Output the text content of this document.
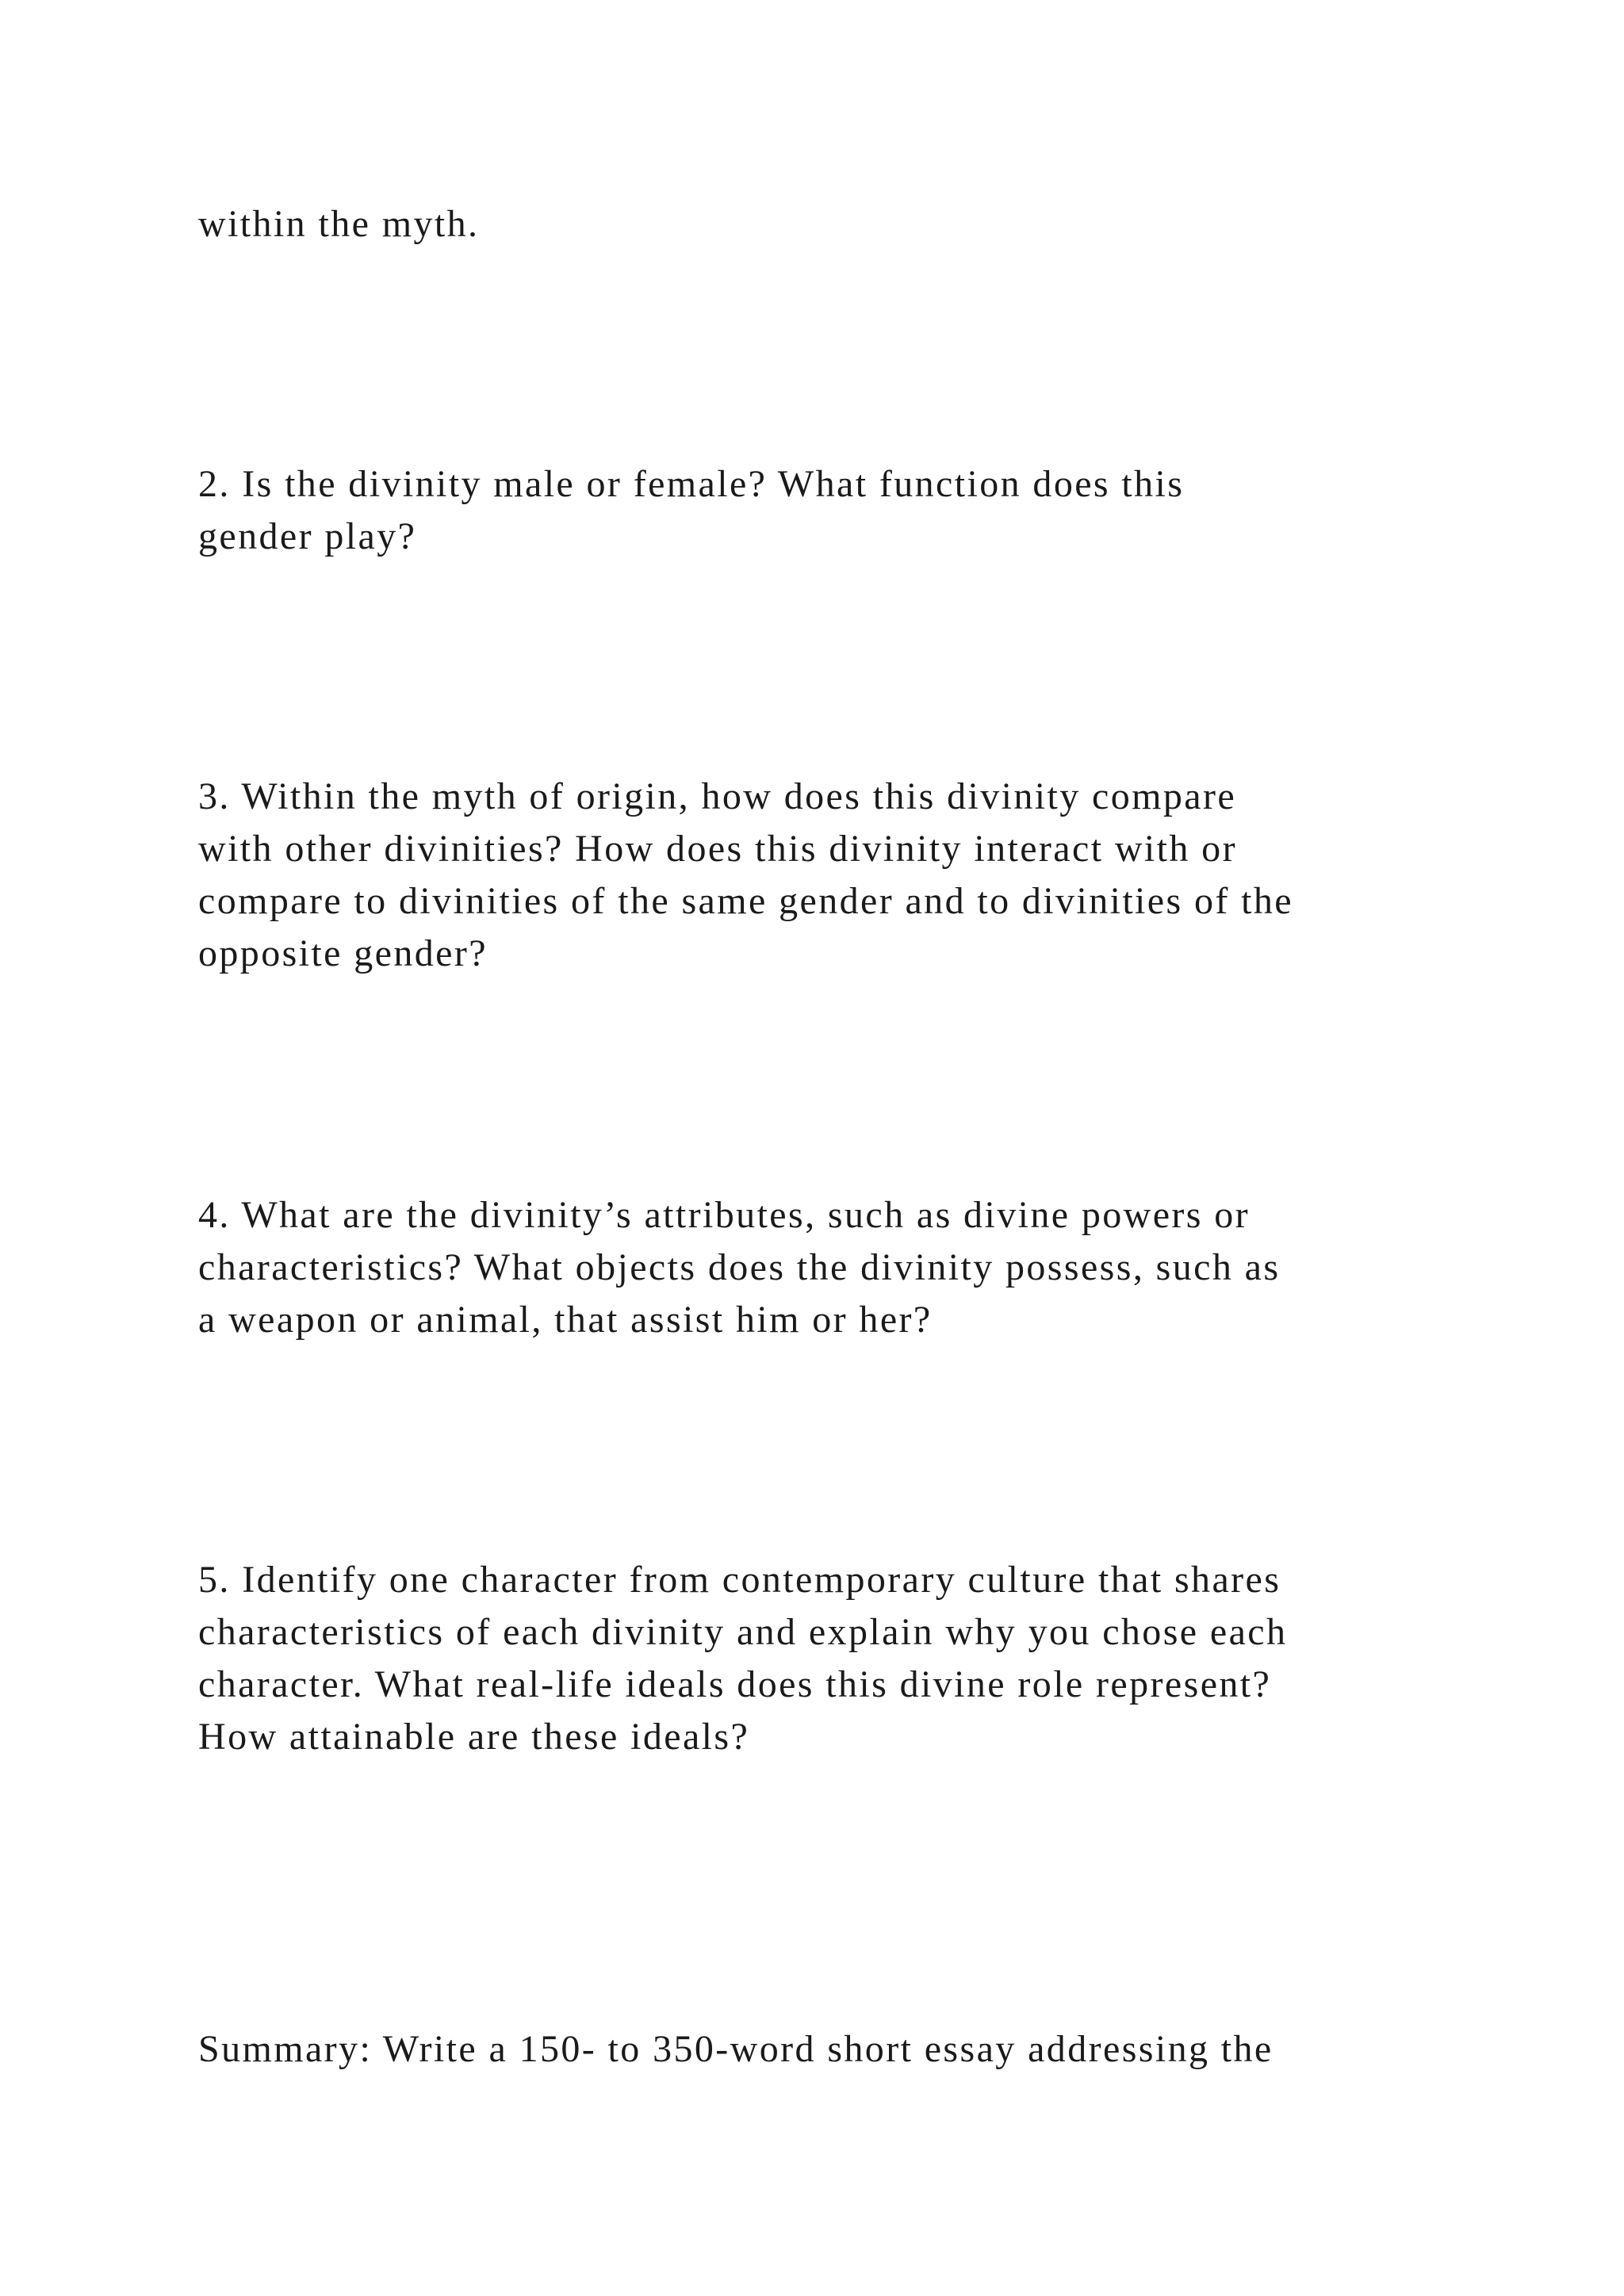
within the myth.

2. Is the divinity male or female? What function does this

gender play?

3. Within the myth of origin, how does this divinity compare

with other divinities? How does this divinity interact with or

compare to divinities of the same gender and to divinities of the

opposite gender?

4. What are the divinity’s attributes, such as divine powers or

characteristics? What objects does the divinity possess, such as

a weapon or animal, that assist him or her?

5. Identify one character from contemporary culture that shares

characteristics of each divinity and explain why you chose each

character. What real-life ideals does this divine role represent?

How attainable are these ideals?

Summary: Write a 150- to 350-word short essay addressing the
